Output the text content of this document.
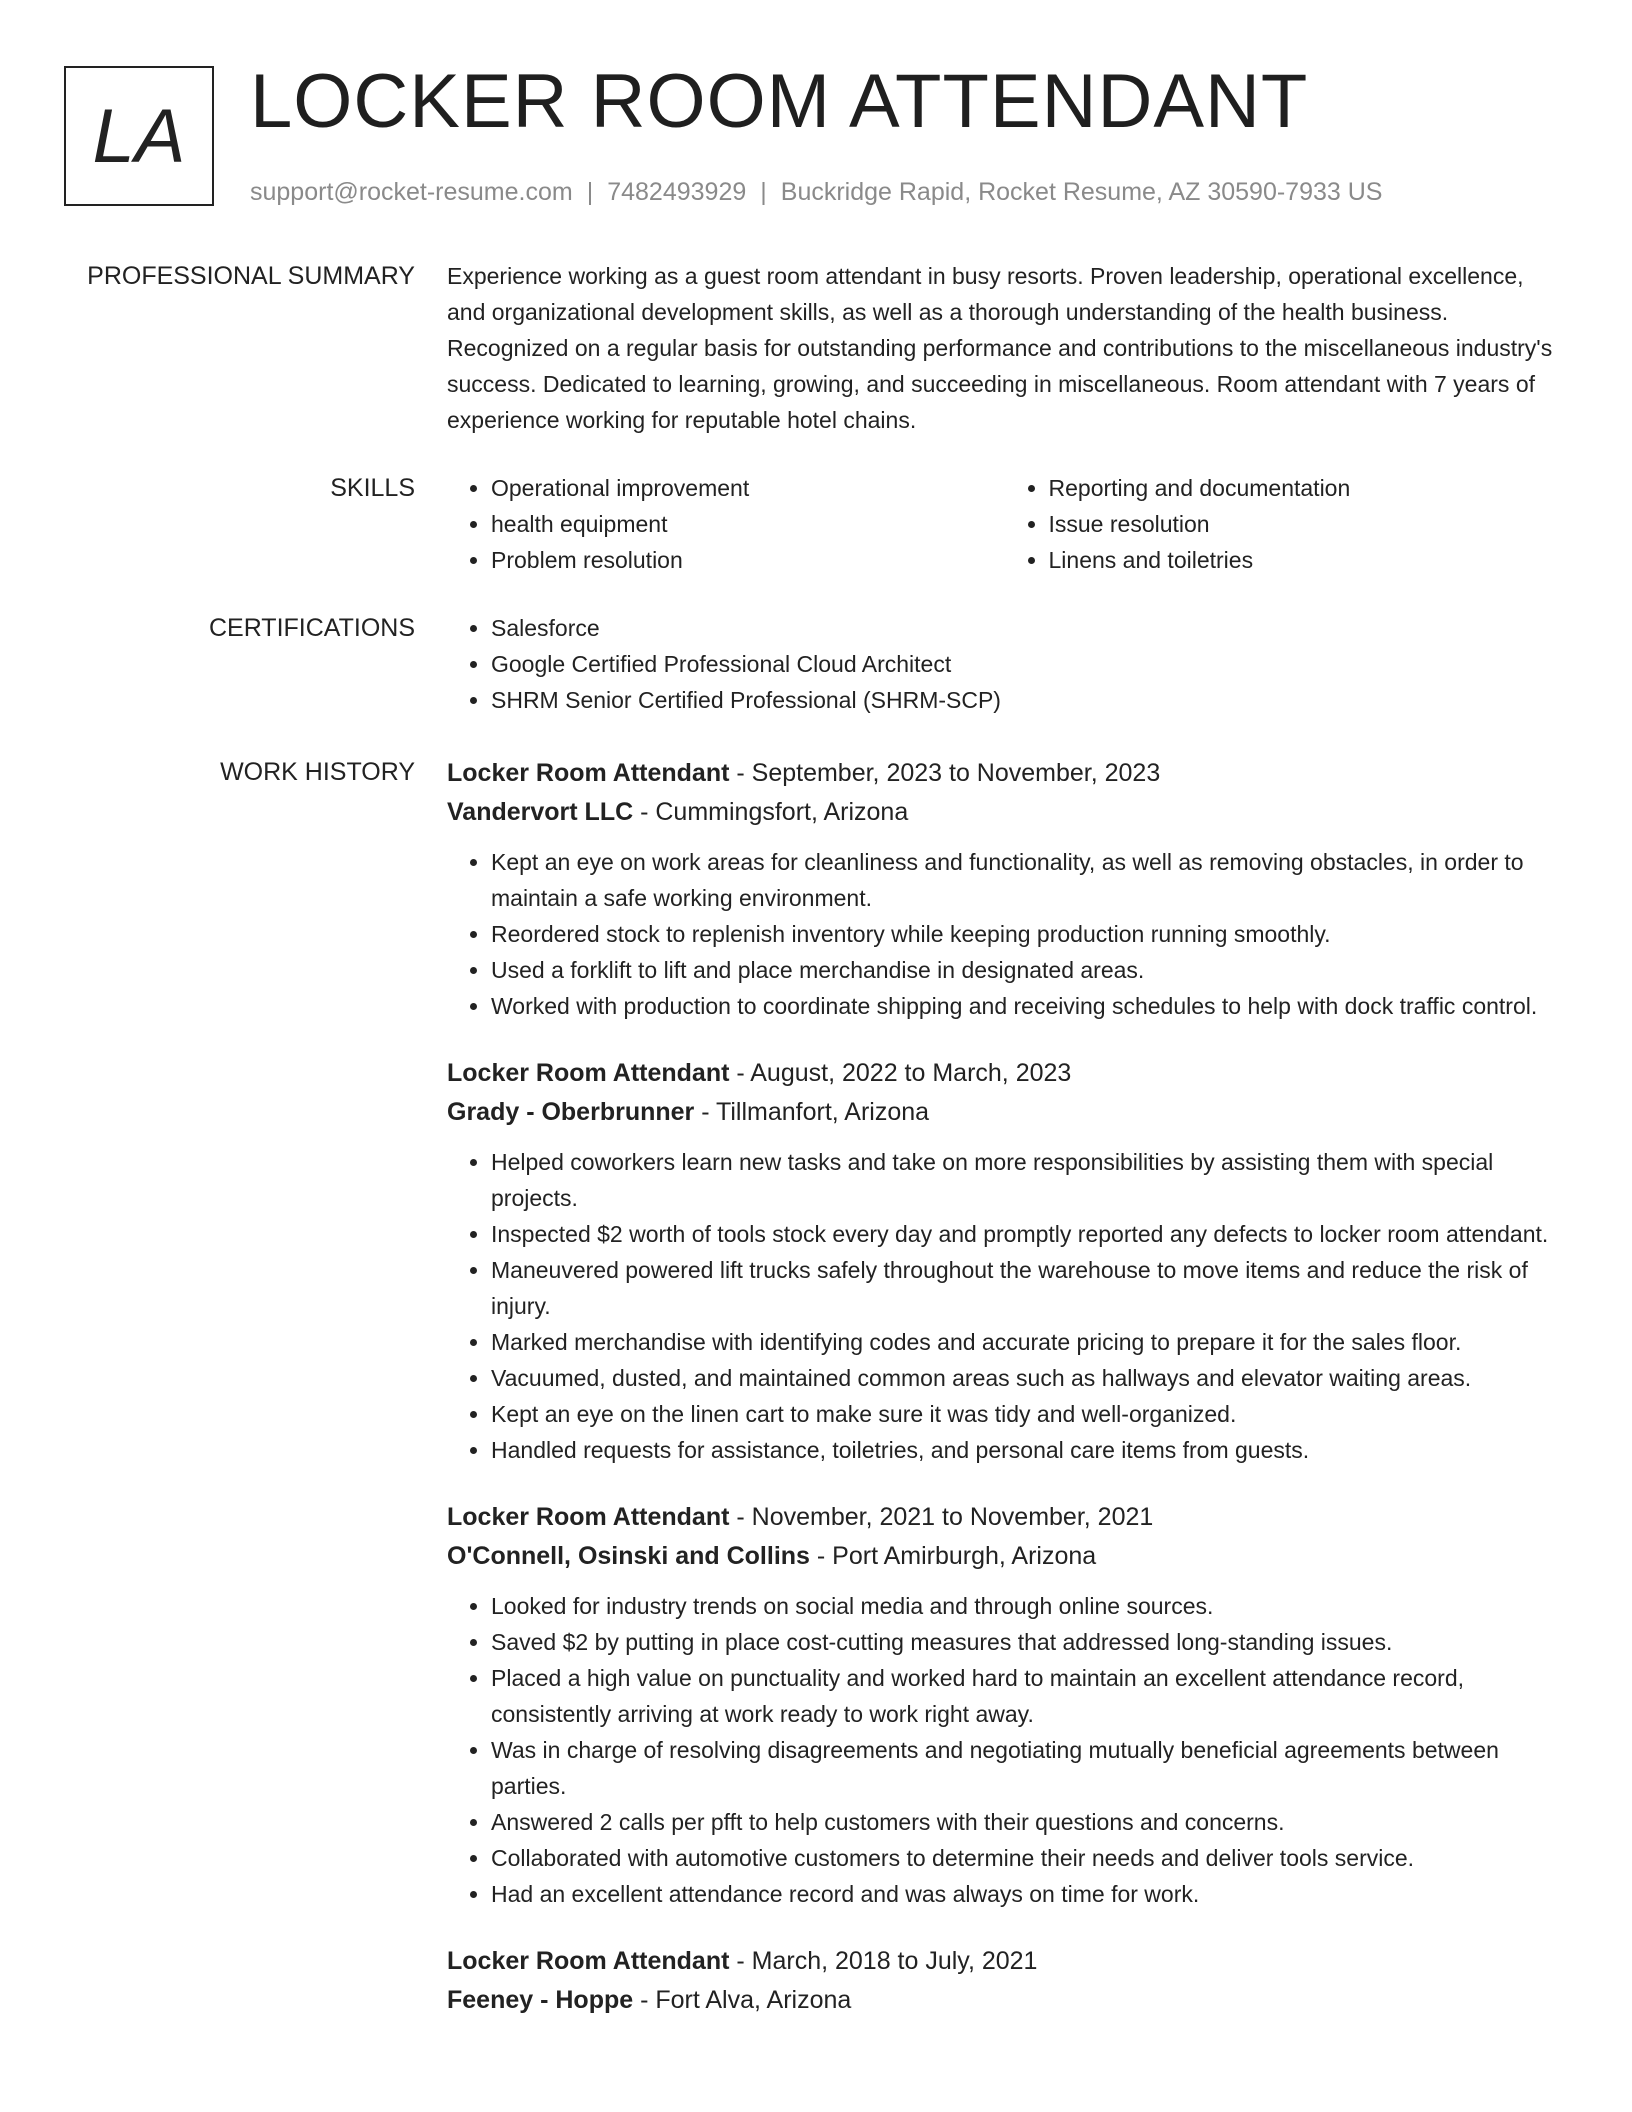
LA LOCKER ROOM ATTENDANT
support@rocket-resume.com | 7482493929 | Buckridge Rapid, Rocket Resume, AZ 30590-7933 US
PROFESSIONAL SUMMARY Experience working as a guest room attendant in busy resorts. Proven leadership, operational excellence, and organizational development skills, as well as a thorough understanding of the health business. Recognized on a regular basis for outstanding performance and contributions to the miscellaneous industry's success. Dedicated to learning, growing, and succeeding in miscellaneous. Room attendant with 7 years of experience working for reputable hotel chains.

SKILLS	• Operational improvement
• health equipment
• Problem resolution
• Reporting and documentation
• Issue resolution
• Linens and toiletries
CERTIFICATIONS	• Salesforce
• Google Certified Professional Cloud Architect
• SHRM Senior Certified Professional (SHRM-SCP)
WORK HISTORY Locker Room Attendant - September, 2023 to November, 2023
Vandervort LLC - Cummingsfort, Arizona
• Kept an eye on work areas for cleanliness and functionality, as well as removing obstacles, in order to maintain a safe working environment.
• Reordered stock to replenish inventory while keeping production running smoothly.
• Used a forklift to lift and place merchandise in designated areas.
• Worked with production to coordinate shipping and receiving schedules to help with dock traffic control.
Locker Room Attendant - August, 2022 to March, 2023
Grady - Oberbrunner - Tillmanfort, Arizona
• Helped coworkers learn new tasks and take on more responsibilities by assisting them with special projects.
• Inspected $2 worth of tools stock every day and promptly reported any defects to locker room attendant.
• Maneuvered powered lift trucks safely throughout the warehouse to move items and reduce the risk of injury.
• Marked merchandise with identifying codes and accurate pricing to prepare it for the sales floor.
• Vacuumed, dusted, and maintained common areas such as hallways and elevator waiting areas.
• Kept an eye on the linen cart to make sure it was tidy and well-organized.
• Handled requests for assistance, toiletries, and personal care items from guests.
Locker Room Attendant - November, 2021 to November, 2021
O'Connell, Osinski and Collins - Port Amirburgh, Arizona
• Looked for industry trends on social media and through online sources.
• Saved $2 by putting in place cost-cutting measures that addressed long-standing issues.
• Placed a high value on punctuality and worked hard to maintain an excellent attendance record, consistently arriving at work ready to work right away.
• Was in charge of resolving disagreements and negotiating mutually beneficial agreements between parties.
• Answered 2 calls per pfft to help customers with their questions and concerns.
• Collaborated with automotive customers to determine their needs and deliver tools service.
• Had an excellent attendance record and was always on time for work.
Locker Room Attendant - March, 2018 to July, 2021
Feeney - Hoppe - Fort Alva, Arizona
